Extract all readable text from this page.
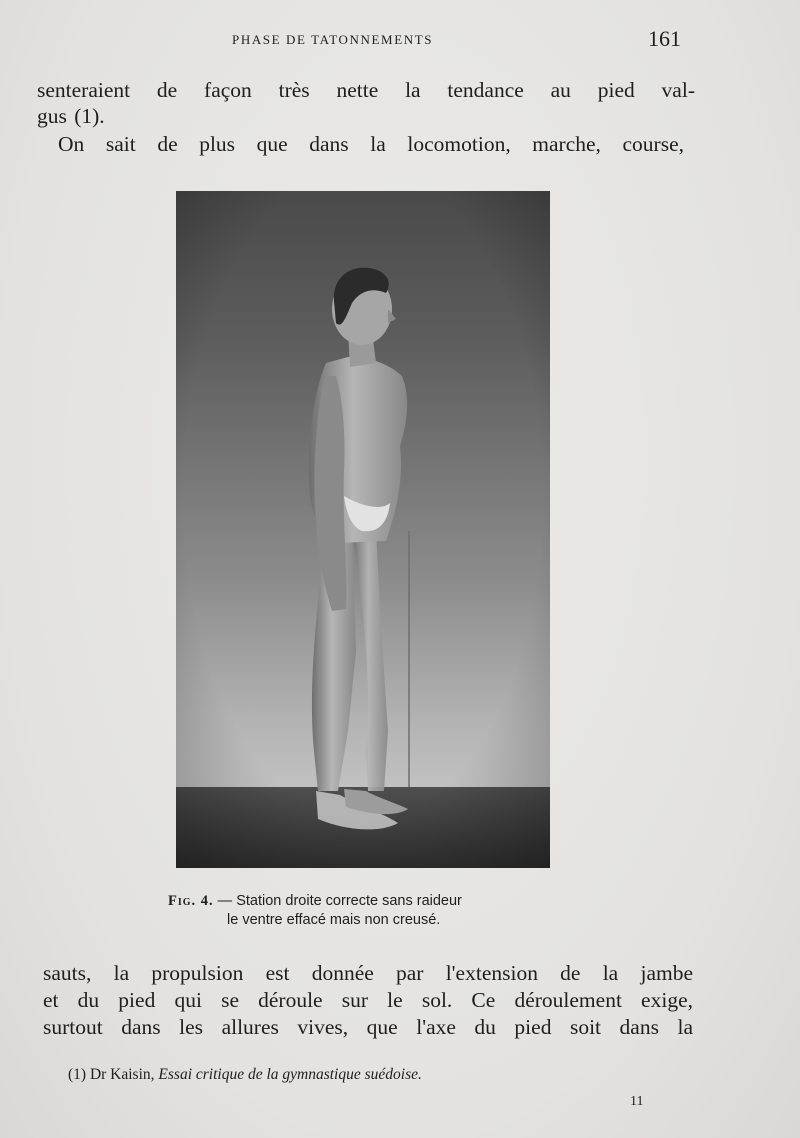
PHASE DE TATONNEMENTS	161
senteraient de façon très nette la tendance au pied val-
gus (1).
On sait de plus que dans la locomotion, marche, course,
Fig. 4. — Station droite correcte sans raideur
le ventre effacé mais non creusé.
sauts, la propulsion est donnée par l'extension de la jambe
et du pied qui se déroule sur le sol. Ce déroulement exige,
surtout dans les allures vives, que l'axe du pied soit dans la
(1) Dr Kaisin, Essai critique de la gymnastique suédoise.
11
